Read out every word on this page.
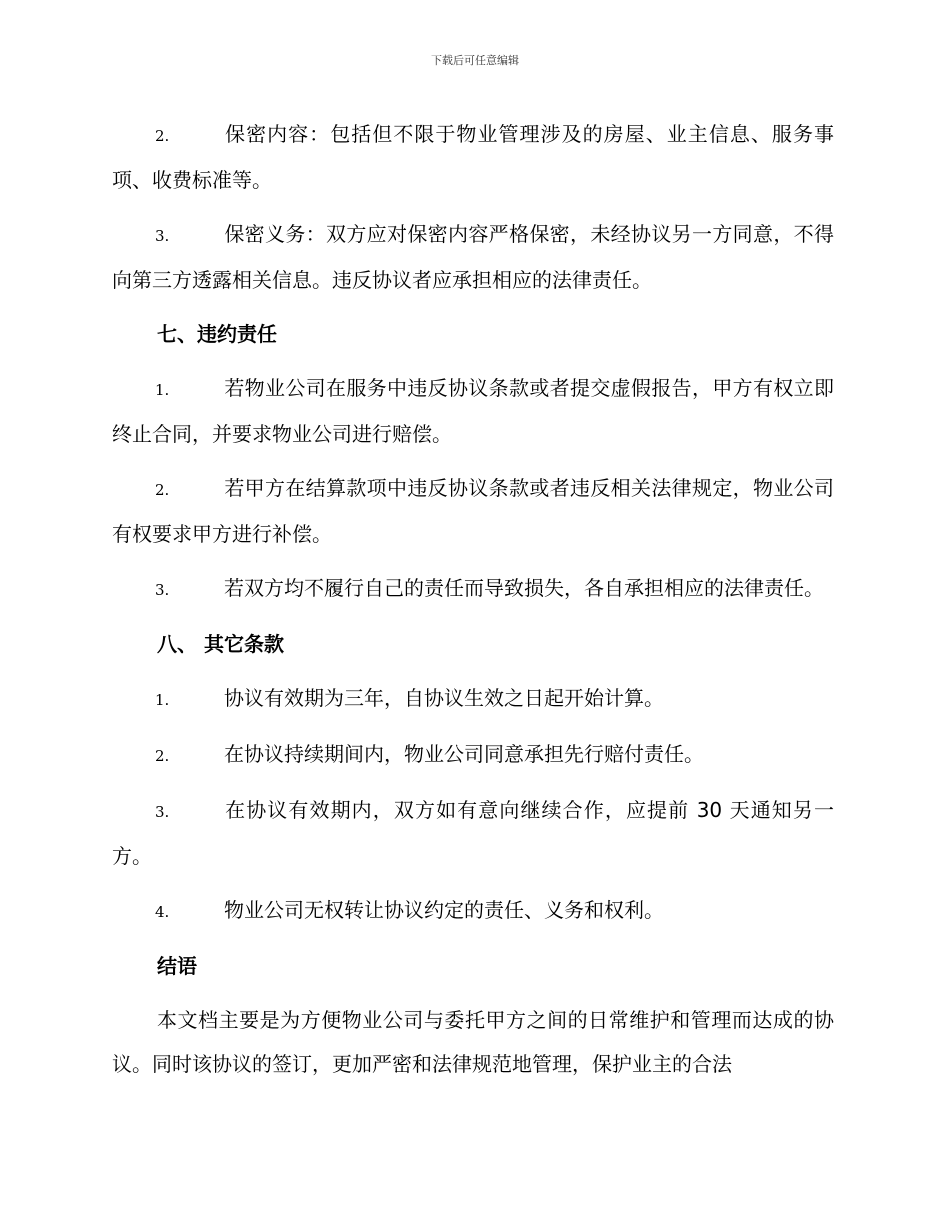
下载后可任意编辑
2.	保密内容：包括但不限于物业管理涉及的房屋、业主信息、服务事项、收费标准等。
3.	保密义务：双方应对保密内容严格保密，未经协议另一方同意，不得向第三方透露相关信息。违反协议者应承担相应的法律责任。
七、违约责任
1.	若物业公司在服务中违反协议条款或者提交虚假报告，甲方有权立即终止合同，并要求物业公司进行赔偿。
2.	若甲方在结算款项中违反协议条款或者违反相关法律规定，物业公司有权要求甲方进行补偿。
3.	若双方均不履行自己的责任而导致损失，各自承担相应的法律责任。
八、 其它条款
1.	协议有效期为三年，自协议生效之日起开始计算。
2.	在协议持续期间内，物业公司同意承担先行赔付责任。
3.	在协议有效期内，双方如有意向继续合作，应提前 30 天通知另一方。
4.	物业公司无权转让协议约定的责任、义务和权利。
结语
本文档主要是为方便物业公司与委托甲方之间的日常维护和管理而达成的协议。同时该协议的签订，更加严密和法律规范地管理，保护业主的合法
